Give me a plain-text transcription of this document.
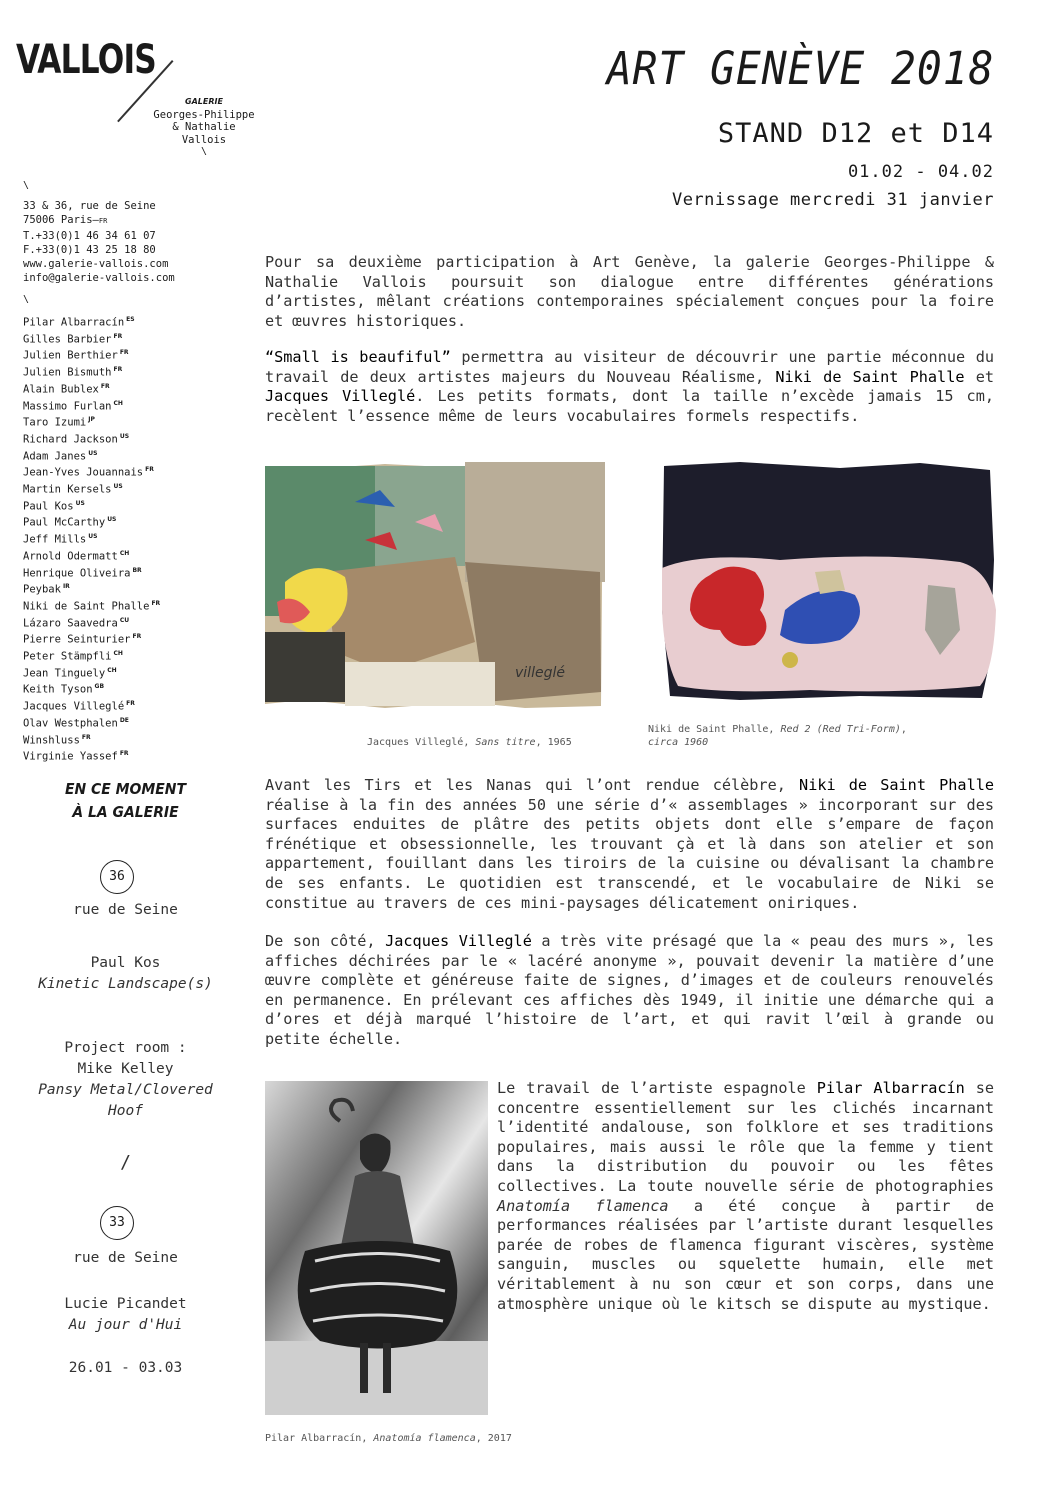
VALLOIS
GALERIE
Georges-Philippe
& Nathalie
Vallois
\
\
33 & 36, rue de Seine
75006 Paris—FR
T.+33(0)1 46 34 61 07
F.+33(0)1 43 25 18 80
www.galerie-vallois.com
info@galerie-vallois.com
\
Pilar Albarracín $^{ES}$
Gilles Barbier $^{FR}$
Julien Berthier $^{FR}$
Julien Bismuth $^{FR}$
Alain Bublex $^{FR}$
Massimo Furlan $^{CH}$
Taro Izumi $^{JP}$
Richard Jackson $^{US}$
Adam Janes $^{US}$
Jean-Yves Jouannais $^{FR}$
Martin Kersels $^{US}$
Paul Kos $^{US}$
Paul McCarthy $^{US}$
Jeff Mills $^{US}$
Arnold Odermatt $^{CH}$
Henrique Oliveira $^{BR}$
Peybak $^{IR}$
Niki de Saint Phalle $^{FR}$
Lázaro Saavedra $^{CU}$
Pierre Seinturier $^{FR}$
Peter Stämpfli $^{CH}$
Jean Tinguely $^{CH}$
Keith Tyson $^{GB}$
Jacques Villeglé $^{FR}$
Olav Westphalen $^{DE}$
Winshluss $^{FR}$
Virginie Yassef $^{FR}$
ART GENÈVE 2018
STAND D12 et D14
01.02 - 04.02
Vernissage mercredi 31 janvier
Pour sa deuxième participation à Art Genève, la galerie Georges-Philippe & Nathalie Vallois poursuit son dialogue entre différentes générations d’artistes, mêlant créations contemporaines spécialement conçues pour la foire et œuvres historiques.
“Small is beaufiful” permettra au visiteur de découvrir une partie méconnue du travail de deux artistes majeurs du Nouveau Réalisme, Niki de Saint Phalle et Jacques Villeglé. Les petits formats, dont la taille n’excède jamais 15 cm, recèlent l’essence même de leurs vocabulaires formels respectifs.
villeglé
Jacques Villeglé, Sans titre, 1965
Niki de Saint Phalle, Red 2 (Red Tri-Form),
circa 1960
Avant les Tirs et les Nanas qui l’ont rendue célèbre, Niki de Saint Phalle réalise à la fin des années 50 une série d’« assemblages » incorporant sur des surfaces enduites de plâtre des petits objets dont elle s’empare de façon frénétique et obsessionnelle, les trouvant çà et là dans son atelier et son appartement, fouillant dans les tiroirs de la cuisine ou dévalisant la chambre de ses enfants. Le quotidien est transcendé, et le vocabulaire de Niki se constitue au travers de ces mini-paysages délicatement oniriques.
De son côté, Jacques Villeglé a très vite présagé que la « peau des murs », les affiches déchirées par le « lacéré anonyme », pouvait devenir la matière d’une œuvre complète et généreuse faite de signes, d’images et de couleurs renouvelés en permanence. En prélevant ces affiches dès 1949, il initie une démarche qui a d’ores et déjà marqué l’histoire de l’art, et qui ravit l’œil à grande ou petite échelle.
Pilar Albarracín, Anatomía flamenca, 2017
Le travail de l’artiste espagnole Pilar Albarracín se concentre essentiellement sur les clichés incarnant l’identité andalouse, son folklore et ses traditions populaires, mais aussi le rôle que la femme y tient dans la distribution du pouvoir ou les fêtes collectives. La toute nouvelle série de photographies Anatomía flamenca a été conçue à partir de performances réalisées par l’artiste durant lesquelles parée de robes de flamenca figurant viscères, système sanguin, muscles ou squelette humain, elle met véritablement à nu son cœur et son corps, dans une atmosphère unique où le kitsch se dispute au mystique.
EN CE MOMENT
À LA GALERIE
36
rue de Seine
Paul Kos
Kinetic Landscape(s)
Project room :
Mike Kelley
Pansy Metal/Clovered
Hoof
/
33
rue de Seine
Lucie Picandet
Au jour d'Hui
26.01 - 03.03
